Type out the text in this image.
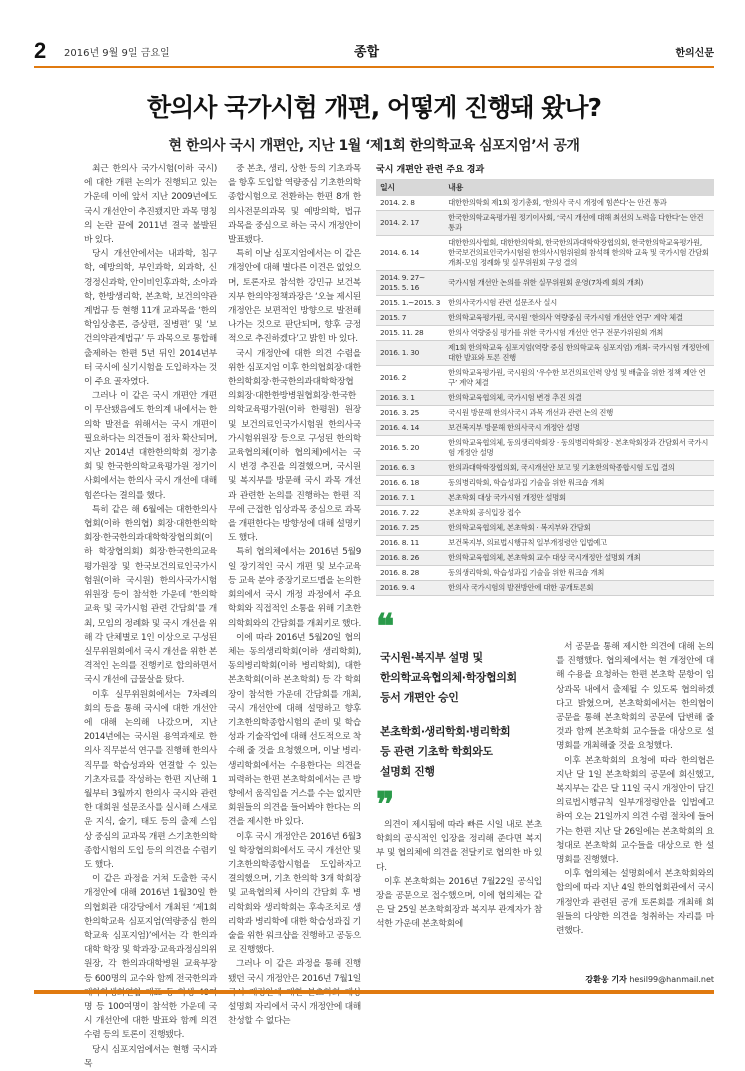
2 2016년 9월 9일 금요일	종합	한의신문
한의사 국가시험 개편, 어떻게 진행돼 왔나?
현 한의사 국시 개편안, 지난 1월 ‘제1회 한의학교육 심포지엄’서 공개

최근 한의사 국가시험(이하 국시)에 대한 개편 논의가 진행되고 있는 가운데 이에 앞서 지난 2009년에도 국시 개선안이 추진됐지만 과목 명칭의 논란 끝에 2011년 결국 불발된 바 있다.

당시 개선안에서는 내과학, 침구학, 예방의학, 부인과학, 외과학, 신경정신과학, 안이비인후과학, 소아과학, 한방생리학, 본초학, 보건의약관계법규 등 현행 11개 교과목을 ‘한의학임상총론, 증상편, 질병편’ 및 ‘보건의약관계법규’ 두 과목으로 통합해 출제하는 한편 5년 뒤인 2014년부터 국시에 실기시험을 도입하자는 것이 주요 골자였다.

그러나 이 같은 국시 개편안 개편이 무산됐음에도 한의계 내에서는 한의학 발전을 위해서는 국시 개편이 필요하다는 의견들이 점차 확산되며, 지난 2014년 대한한의학회 정기총회 및 한국한의학교육평가원 정기이사회에서는 한의사 국시 개선에 대해 힘쓴다는 결의를 했다.

특히 같은 해 6월에는 대한한의사협회(이하 한의협) 회장·대한한의학회장·한국한의과대학학장협의회(이하 학장협의회) 회장·한국한의교육평가원장 및 한국보건의료인국가시험원(이하 국시원) 한의사국가시험위원장 등이 참석한 가운데 ‘한의학교육 및 국가시험 관련 간담회’를 개최, 모임의 정례화 및 국시 개선을 위해 각 단체별로 1인 이상으로 구성된 실무위원회에서 국시 개선을 위한 본격적인 논의를 진행키로 합의하면서 국시 개선에 급물살을 탔다.

이후 실무위원회에서는 7차례의 회의 등을 통해 국시에 대한 개선안에 대해 논의해 나갔으며, 지난 2014년에는 국시원 용역과제로 한의사 직무분석 연구를 진행해 한의사 직무를 학습성과와 연결할 수 있는 기초자료를 작성하는 한편 지난해 1월부터 3월까지 한의사 국시와 관련한 대회원 설문조사를 실시해 스새로운 지식, 술기, 태도 등의 출제 스임상 중심의 교과목 개편 스기초한의학종합시험의 도입 등의 의견을 수렴키도 했다.

이 같은 과정을 거쳐 도출한 국시 개정안에 대해 2016년 1월30일 한의협회관 대강당에서 개최된 ‘제1회 한의학교육 심포지엄(역량중심 한의학교육 심포지엄)’에서는 각 한의과대학 학장 및 학과장·교육과정심의위원장, 각 한의과대학병원 교육부장 등 600명의 교수와 함께 전국한의과 명 등 100여명이 참석한 가운데 국시 개선안에 대한 발표와 함께 의견 수렴 등의 토론이 진행됐다.

당시 심포지엄에서는 현행 국시과목

중 본초, 생리, 상한 등의 기초과목을 항후 도입할 역량중심 기초한의학종합시험으로 전환하는 한편 8개 한의사전문의과목 및 예방의학, 법규 과목을 중심으로 하는 국시 개정안이 발표됐다.

특히 이날 심포지엄에서는 이 같은 개정안에 대해 별다른 이견은 없었으며, 토론자로 참석한 강민규 보건복지부 한의약정책과장은 ‘오늘 제시된 개정안은 보편적인 방향으로 발전해 나가는 것으로 판단되며, 향후 긍정적으로 추진하겠다’고 밝힌 바 있다.

국시 개정안에 대한 의견 수렴을 위한 심포지엄 이후 한의협회장·대한한의학회장·한국한의과대학학장협의회장·대한한방병원협회장·한국한의학교육평가원(이하 한평원) 원장 및 보건의료인국가시험원 한의사국가시험위원장 등으로 구성된 한의학교육협의체(이하 협의체)에서는 국시 변경 추진을 의결했으며, 국시원 및 복지부를 방문해 국시 과목 개선과 관련한 논의를 진행하는 한편 직무에 근접한 임상과목 중심으로 과목을 개편한다는 방향성에 대해 설명키도 했다.

특히 협의체에서는 2016년 5월9일 장기적인 국시 개편 및 보수교육 등 교육 분야 중장기로드맵을 논의한 회의에서 국시 개정 과정에서 주요 학회와 직접적인 소통을 위해 기초한의학회와의 간담회를 개최키로 했다.

이에 따라 2016년 5월20일 협의체는 동의생리학회(이하 생리학회), 동의병리학회(이하 병리학회), 대한본초학회(이하 본초학회) 등 각 학회장이 참석한 가운데 간담회를 개최, 국시 개선안에 대해 설명하고 향후 기초한의학종합시험의 준비 및 학습성과 기술작업에 대해 선도적으로 착수해 줄 것을 요청했으며, 이날 병리·생리학회에서는 수용한다는 의견을 피력하는 한편 본초학회에서는 큰 방향에서 움직임을 거스를 수는 없지만 회원들의 의견을 들어봐야 한다는 의견을 제시한 바 있다.

이후 국시 개정안은 2016년 6월3일 학장협의회에서도 국시 개선안 및 기초한의학종합시험을 도입하자고 결의했으며, 기초 한의학 3개 학회장 및 교육협의체 사이의 간담회 후 병리학회와 생리학회는 후속조치로 생리학과 병리학에 대한 학습성과집 기술을 위한 워크샵을 진행하고 공동으로 진행했다.

그러나 이 같은 과정을 통해 진행됐던 국시 개정안은 2016년 7월1일 설명회 자리에서 국시 개정안에 대해 찬성할 수 없다는

국시 개편안 관련 주요 경과
일시	내용
2014. 2. 8	대한한의학회 제1회 정기총회, ‘한의사 국시 개정에 힘쓴다’는 안건 통과
2014. 2. 17	한국한의학교육평가원 정기이사회, ‘국시 개선에 대해 최선의 노력을 다한다’는 안건 통과
2014. 6. 14	대한한의사협회, 대한한의학회, 한국한의과대학학장협의회, 한국한의학교육평가원, 한국보건의료인국가시험원 한의사시험위원회 참석해 한의학 교육 및 국가시험 간담회 개최-모임 정례화 및 실무위원회 구성 결의
2014. 9. 27~
2015. 5. 16	국가시험 개선안 논의를 위한 실무위원회 운영(7차례 회의 개최)
2015. 1.~2015. 3	한의사국가시험 관련 설문조사 실시
2015. 7	한의학교육평가원, 국시원 ‘한의사 역량중심 국가시험 개선안 연구’ 계약 체결
2015. 11. 28	한의사 역량중심 평가를 위한 국가시험 개선안 연구 전문가위원회 개최
2016. 1. 30	제1회 한의학교육 심포지엄(역량 중심 한의학교육 심포지엄) 개최- 국가시험 개정안에 대한 발표와 토론 진행
2016. 2	한의학교육평가원, 국시원의 ‘우수한 보건의료인력 양성 및 배출을 위한 정책 제안 연구’ 계약 체결
2016. 3. 1	한의학교육협의체, 국가시험 변경 추진 의결
2016. 3. 25	국시원 방문해 한의사국시 과목 개선과 관련 논의 진행
2016. 4. 14	보건복지부 방문해 한의사국시 개정안 설명
2016. 5. 20	한의학교육협의체, 동의생리학회장 · 동의병리학회장 · 본초학회장과 간담회서 국가시험 개정안 설명
2016. 6. 3	한의과대학학장협의회, 국시개선안 보고 및 기초한의학종합시험 도입 결의
2016. 6. 18	동의병리학회, 학습성과집 기술을 위한 워크숍 개최
2016. 7. 1	본초학회 대상 국가시험 개정안 설명회
2016. 7. 22	본초학회 공식입장 접수
2016. 7. 25	한의학교육협의체, 본초학회 · 복지부와 간담회
2016. 8. 11	보건복지부, 의료법시행규칙 일부개정령안 입법예고
2016. 8. 26	한의학교육협의체, 본초학회 교수 대상 국시개정안 설명회 개최
2016. 8. 28	동의생리학회, 학습성과집 기술을 위한 워크숍 개최
2016. 9. 4	한의사 국가시험의 발전방안에 대한 공개토론회
❝
국시원·복지부 설명 및
한의학교육협의체·학장협의회
등서 개편안 승인
본초학회·생리학회·병리학회
등 관련 기초학 학회와도
설명회 진행
❞

의견이 제시됨에 따라 빠른 시일 내로 본초학회의 공식적인 입장을 정리해 준다면 복지부 및 협의체에 의견을 전달키로 협의한 바 있다.

이후 본초학회는 2016년 7월22일 공식입장을 공문으로 접수했으며, 이에 협의체는 같은 달 25일 본초학회장과 복지부 관계자가 참석한 가운데 본초학회에

서 공문을 통해 제시한 의견에 대해 논의를 진행했다. 협의체에서는 현 개정안에 대해 수용을 요청하는 한편 본초학 문항이 임상과목 내에서 출제될 수 있도록 협의하겠다고 밝혔으며, 본초학회에서는 한의협이 공문을 통해 본초학회의 공문에 답변해 줄 것과 함께 본초학회 교수들을 대상으로 설명회를 개최해줄 것을 요청했다.

이후 본초학회의 요청에 따라 한의협은 지난 달 1일 본초학회의 공문에 회신했고, 복지부는 같은 달 11일 국시 개정안이 담긴 의료법시행규칙 일부개정령안을 입법예고하여 오는 21일까지 의견 수렴 절차에 들어가는 한편 지난 달 26일에는 본초학회의 요청대로 본초학회 교수들을 대상으로 한 설명회를 진행했다.

이후 협의체는 설명회에서 본초학회와의 합의에 따라 지난 4일 한의협회관에서 국시 개정안과 관련된 공개 토론회를 개최해 회원들의 다양한 의견을 청취하는 자리를 마련했다.

강환웅 기자 hesil99@hanmail.net
